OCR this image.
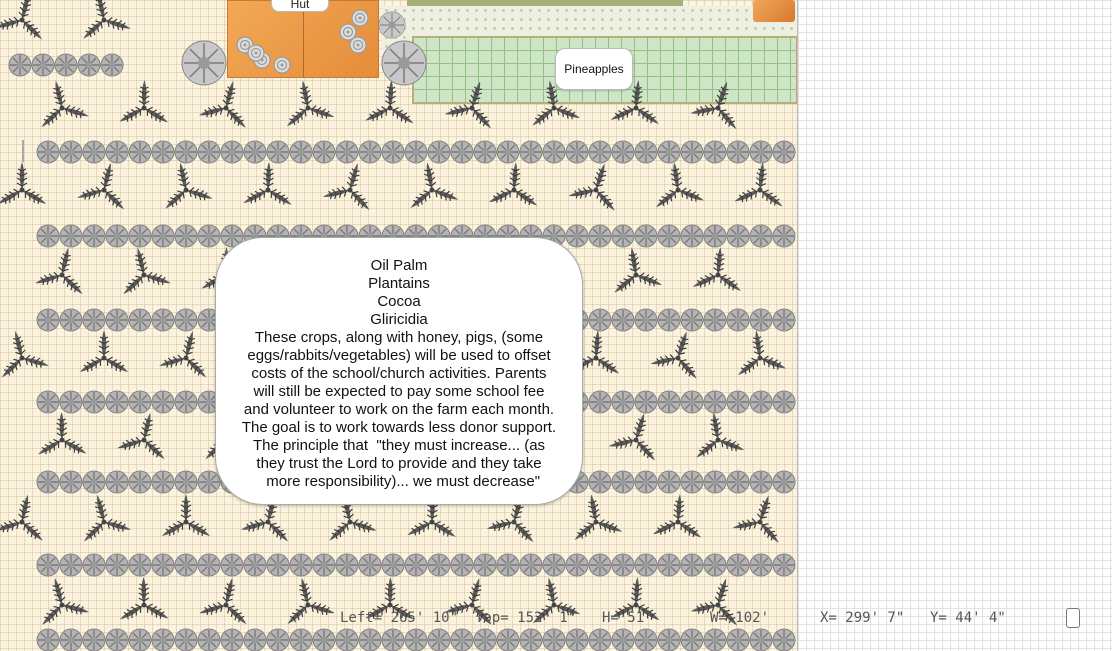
Hut
Pineapples
Oil Palm
Plantains
Cocoa
Gliricidia
These crops, along with honey, pigs, (some
eggs/rabbits/vegetables) will be used to offset
costs of the school/church activities. Parents
will still be expected to pay some school fee
and volunteer to work on the farm each month.
The goal is to work towards less donor support.
The principle that  "they must increase... (as
they trust the Lord to provide and they take
more responsibility)... we must decrease"

Left= 265' 10"

Top= 152' 1"

H= 51'

	W= 102'

	X= 299' 7"

Y= 44' 4"
